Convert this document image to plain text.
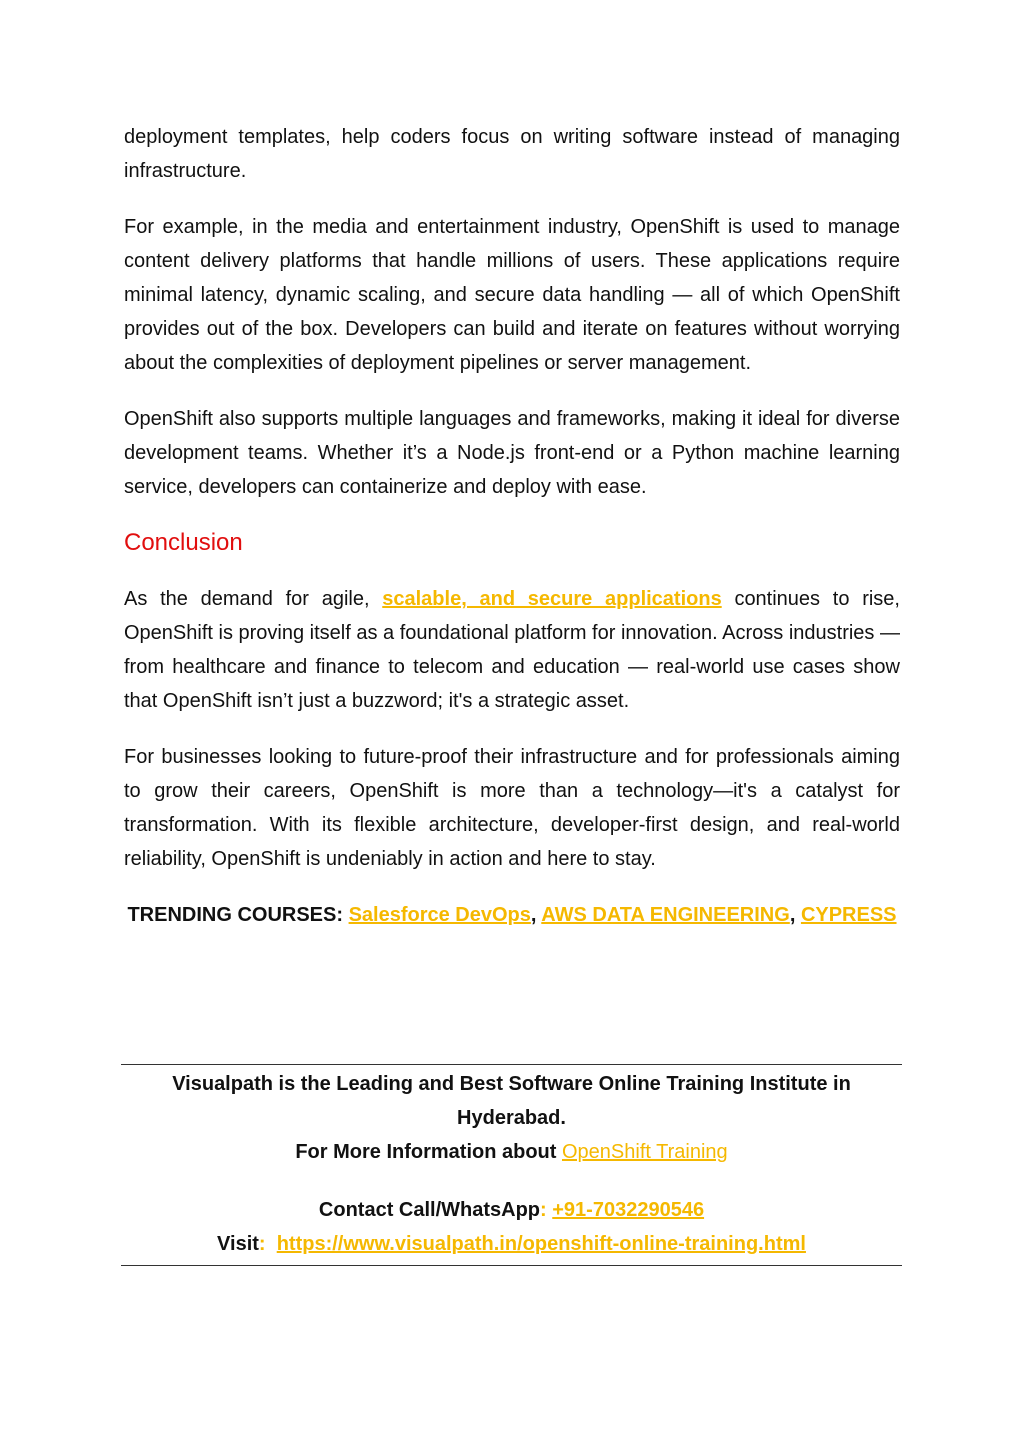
deployment templates, help coders focus on writing software instead of managing infrastructure.

For example, in the media and entertainment industry, OpenShift is used to manage content delivery platforms that handle millions of users. These applications require minimal latency, dynamic scaling, and secure data handling — all of which OpenShift provides out of the box. Developers can build and iterate on features without worrying about the complexities of deployment pipelines or server management.

OpenShift also supports multiple languages and frameworks, making it ideal for diverse development teams. Whether it’s a Node.js front-end or a Python machine learning service, developers can containerize and deploy with ease.

Conclusion

As the demand for agile, scalable, and secure applications continues to rise, OpenShift is proving itself as a foundational platform for innovation. Across industries — from healthcare and finance to telecom and education — real-world use cases show that OpenShift isn’t just a buzzword; it's a strategic asset.

For businesses looking to future-proof their infrastructure and for professionals aiming to grow their careers, OpenShift is more than a technology—it's a catalyst for transformation. With its flexible architecture, developer-first design, and real-world reliability, OpenShift is undeniably in action and here to stay.

TRENDING COURSES: Salesforce DevOps, AWS DATA ENGINEERING, CYPRESS

Visualpath is the Leading and Best Software Online Training Institute in Hyderabad.

For More Information about OpenShift Training

Contact Call/WhatsApp: +91-7032290546

Visit:  https://www.visualpath.in/openshift-online-training.html
